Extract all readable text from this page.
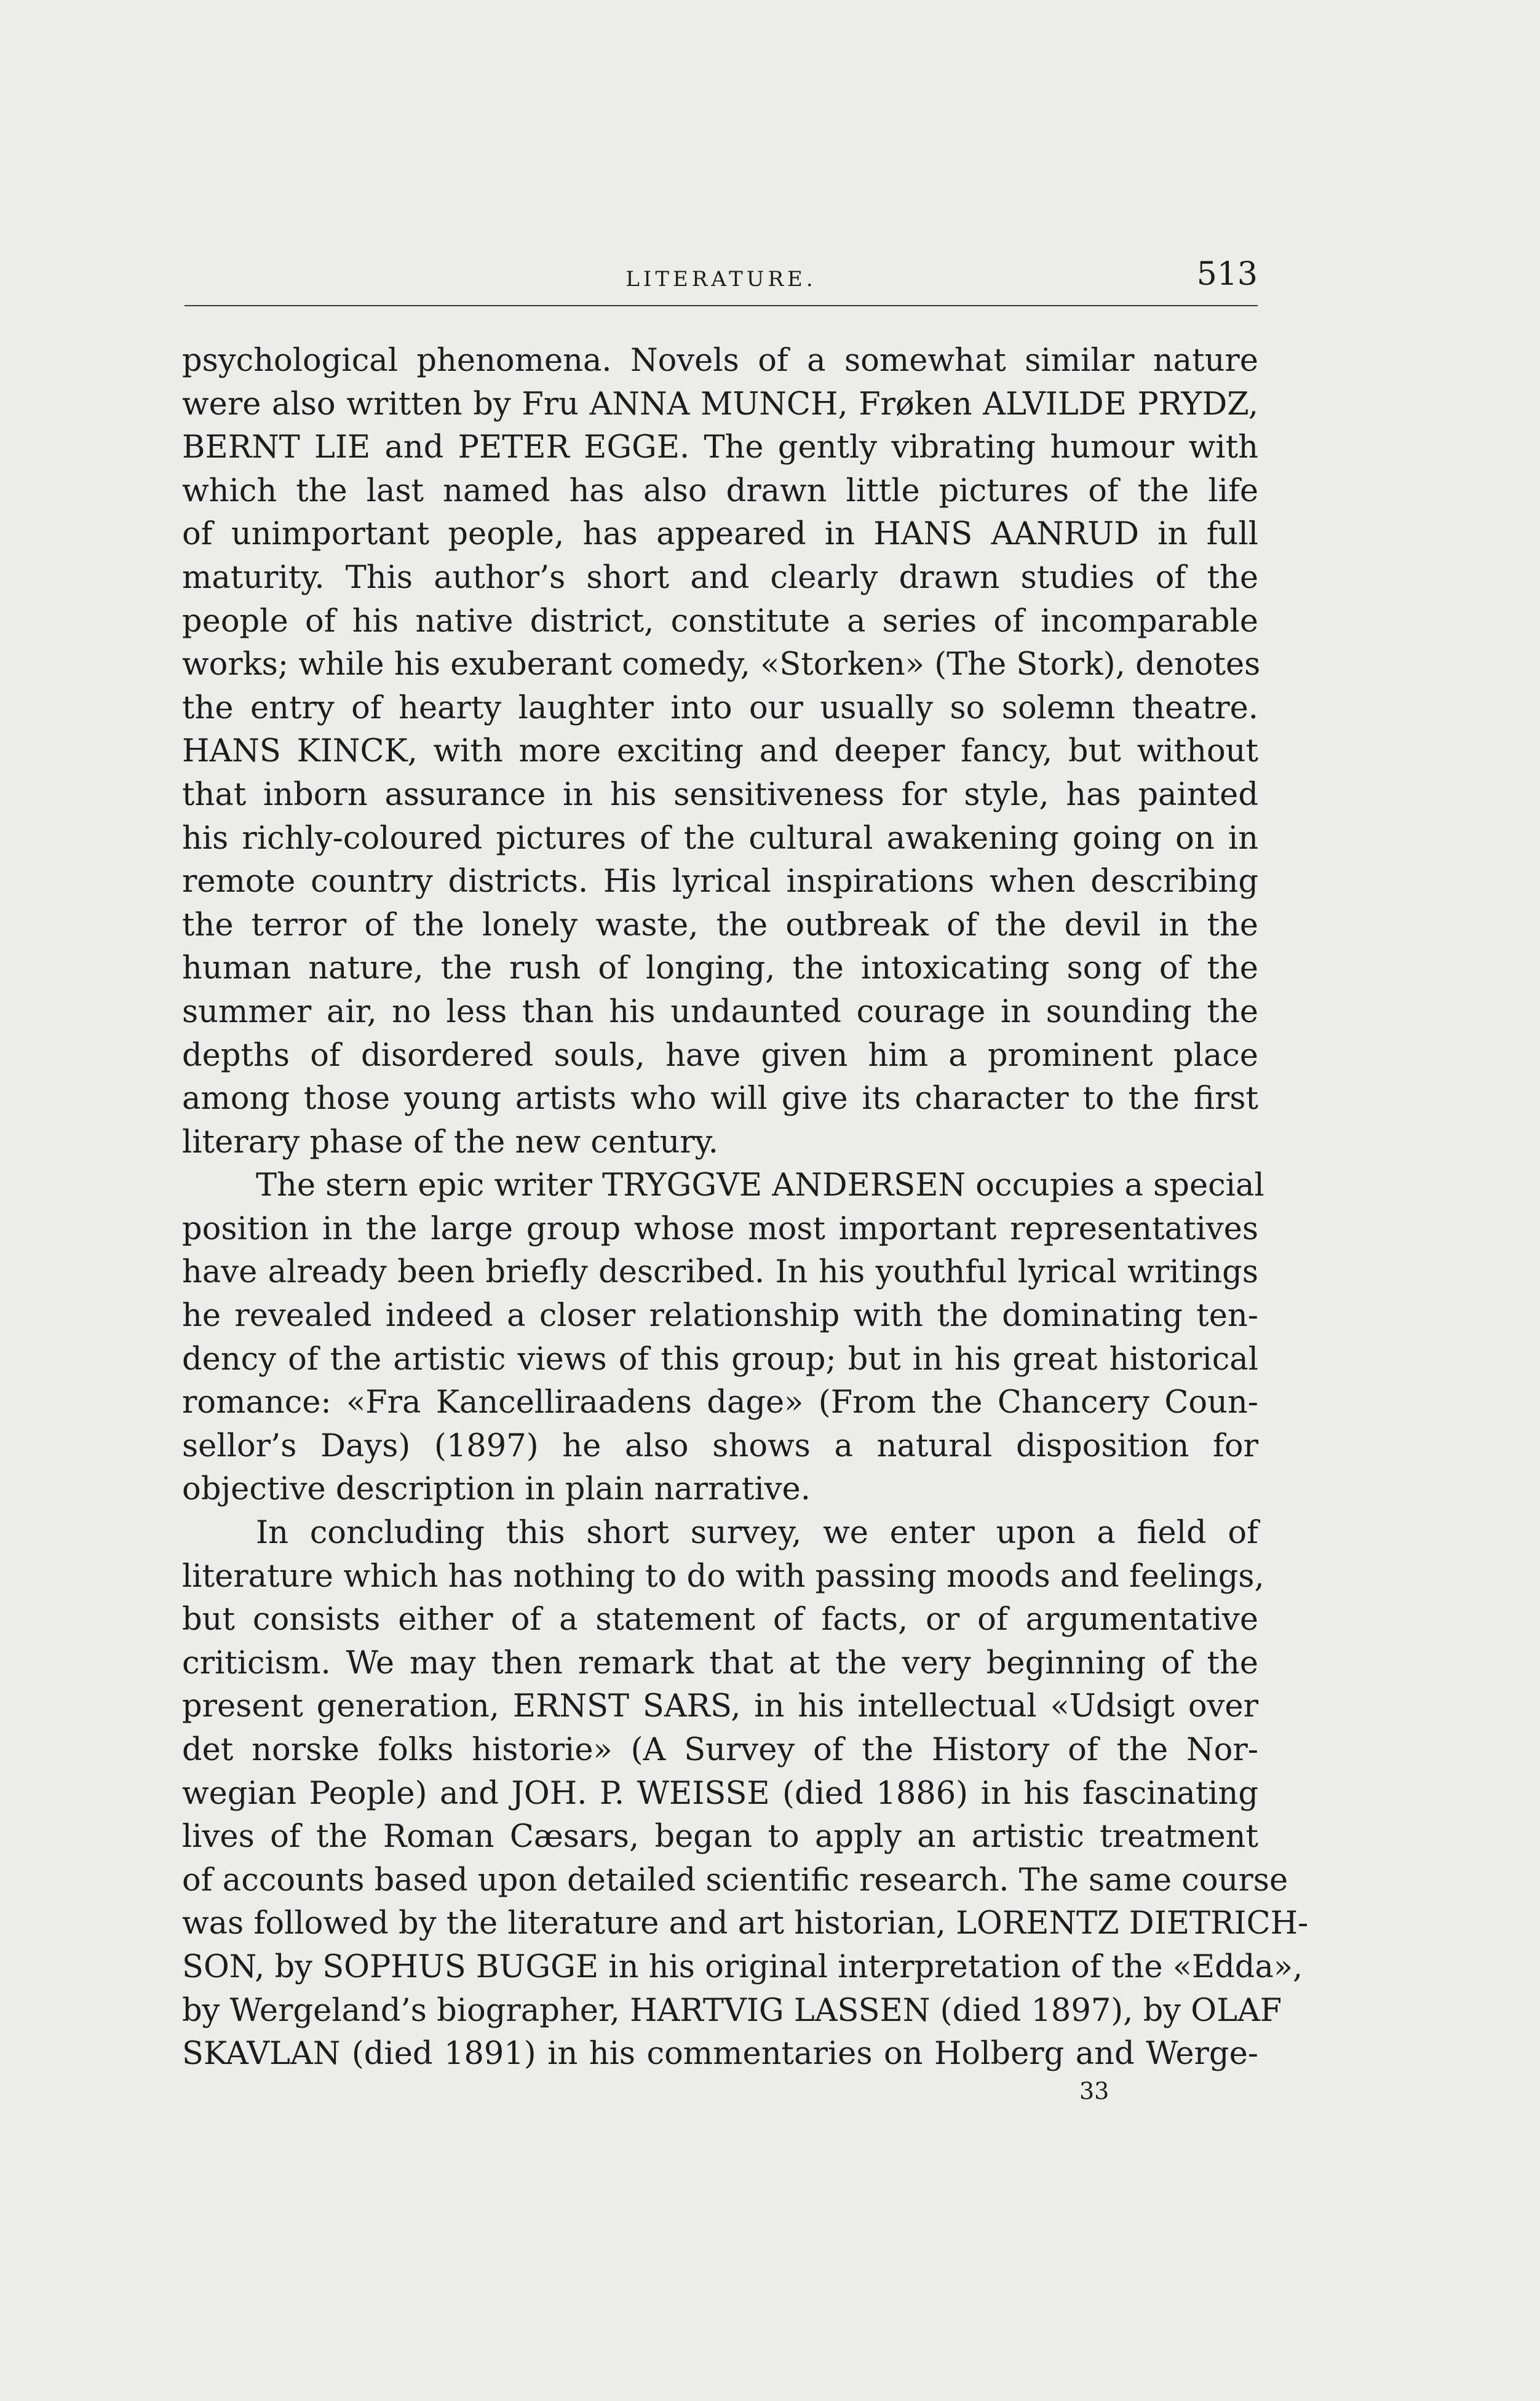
LITERATURE.	513
psychological phenomena. Novels of a somewhat similar nature
were also written by Fru ANNA MUNCH, Frøken ALVILDE PRYDZ,
BERNT LIE and PETER EGGE. The gently vibrating humour with
which the last named has also drawn little pictures of the life
of unimportant people, has appeared in HANS AANRUD in full
maturity. This author’s short and clearly drawn studies of the
people of his native district, constitute a series of incomparable
works; while his exuberant comedy, «Storken» (The Stork), denotes
the entry of hearty laughter into our usually so solemn theatre.
HANS KINCK, with more exciting and deeper fancy, but without
that inborn assurance in his sensitiveness for style, has painted
his richly-coloured pictures of the cultural awakening going on in
remote country districts. His lyrical inspirations when describing
the terror of the lonely waste, the outbreak of the devil in the
human nature, the rush of longing, the intoxicating song of the
summer air, no less than his undaunted courage in sounding the
depths of disordered souls, have given him a prominent place
among those young artists who will give its character to the first
literary phase of the new century.
The stern epic writer TRYGGVE ANDERSEN occupies a special
position in the large group whose most important representatives
have already been briefly described. In his youthful lyrical writings
he revealed indeed a closer relationship with the dominating ten-
dency of the artistic views of this group; but in his great historical
romance: «Fra Kancelliraadens dage» (From the Chancery Coun-
sellor’s Days) (1897) he also shows a natural disposition for
objective description in plain narrative.
In concluding this short survey, we enter upon a field of
literature which has nothing to do with passing moods and feelings,
but consists either of a statement of facts, or of argumentative
criticism. We may then remark that at the very beginning of the
present generation, ERNST SARS, in his intellectual «Udsigt over
det norske folks historie» (A Survey of the History of the Nor-
wegian People) and JOH. P. WEISSE (died 1886) in his fascinating
lives of the Roman Cæsars, began to apply an artistic treatment
of accounts based upon detailed scientific research. The same course
was followed by the literature and art historian, LORENTZ DIETRICH-
SON, by SOPHUS BUGGE in his original interpretation of the «Edda»,
by Wergeland’s biographer, HARTVIG LASSEN (died 1897), by OLAF
SKAVLAN (died 1891) in his commentaries on Holberg and Werge-
33
